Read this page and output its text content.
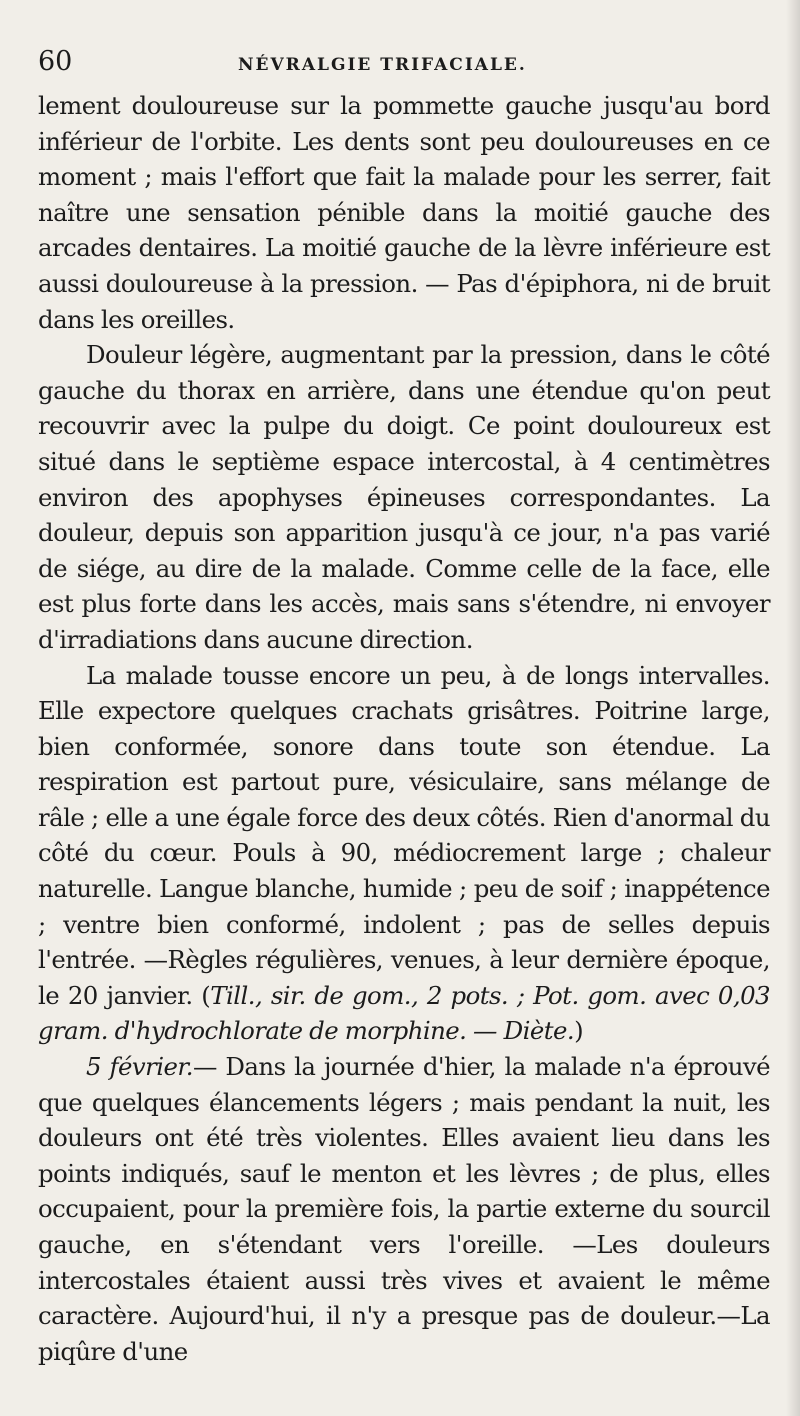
60	NÉVRALGIE TRIFACIALE.

lement douloureuse sur la pommette gauche jusqu'au bord inférieur de l'orbite. Les dents sont peu douloureuses en ce moment ; mais l'effort que fait la malade pour les serrer, fait naître une sensation pénible dans la moitié gauche des arcades dentaires. La moitié gauche de la lèvre inférieure est aussi douloureuse à la pression. — Pas d'épiphora, ni de bruit dans les oreilles.

Douleur légère, augmentant par la pression, dans le côté gauche du thorax en arrière, dans une étendue qu'on peut recouvrir avec la pulpe du doigt. Ce point douloureux est situé dans le septième espace intercostal, à 4 centimètres environ des apophyses épineuses correspondantes. La douleur, depuis son apparition jusqu'à ce jour, n'a pas varié de siége, au dire de la malade. Comme celle de la face, elle est plus forte dans les accès, mais sans s'étendre, ni envoyer d'irradiations dans aucune direction.

La malade tousse encore un peu, à de longs intervalles. Elle expectore quelques crachats grisâtres. Poitrine large, bien conformée, sonore dans toute son étendue. La respiration est partout pure, vésiculaire, sans mélange de râle ; elle a une égale force des deux côtés. Rien d'anormal du côté du cœur. Pouls à 90, médiocrement large ; chaleur naturelle. Langue blanche, humide ; peu de soif ; inappétence ; ventre bien conformé, indolent ; pas de selles depuis l'entrée. —Règles régulières, venues, à leur dernière époque, le 20 janvier. (Till., sir. de gom., 2 pots. ; Pot. gom. avec 0,03 gram. d'hydrochlorate de morphine. — Diète.)

5 février.— Dans la journée d'hier, la malade n'a éprouvé que quelques élancements légers ; mais pendant la nuit, les douleurs ont été très violentes. Elles avaient lieu dans les points indiqués, sauf le menton et les lèvres ; de plus, elles occupaient, pour la première fois, la partie externe du sourcil gauche, en s'étendant vers l'oreille. —Les douleurs intercostales étaient aussi très vives et avaient le même caractère. Aujourd'hui, il n'y a presque pas de douleur.—La piqûre d'une
